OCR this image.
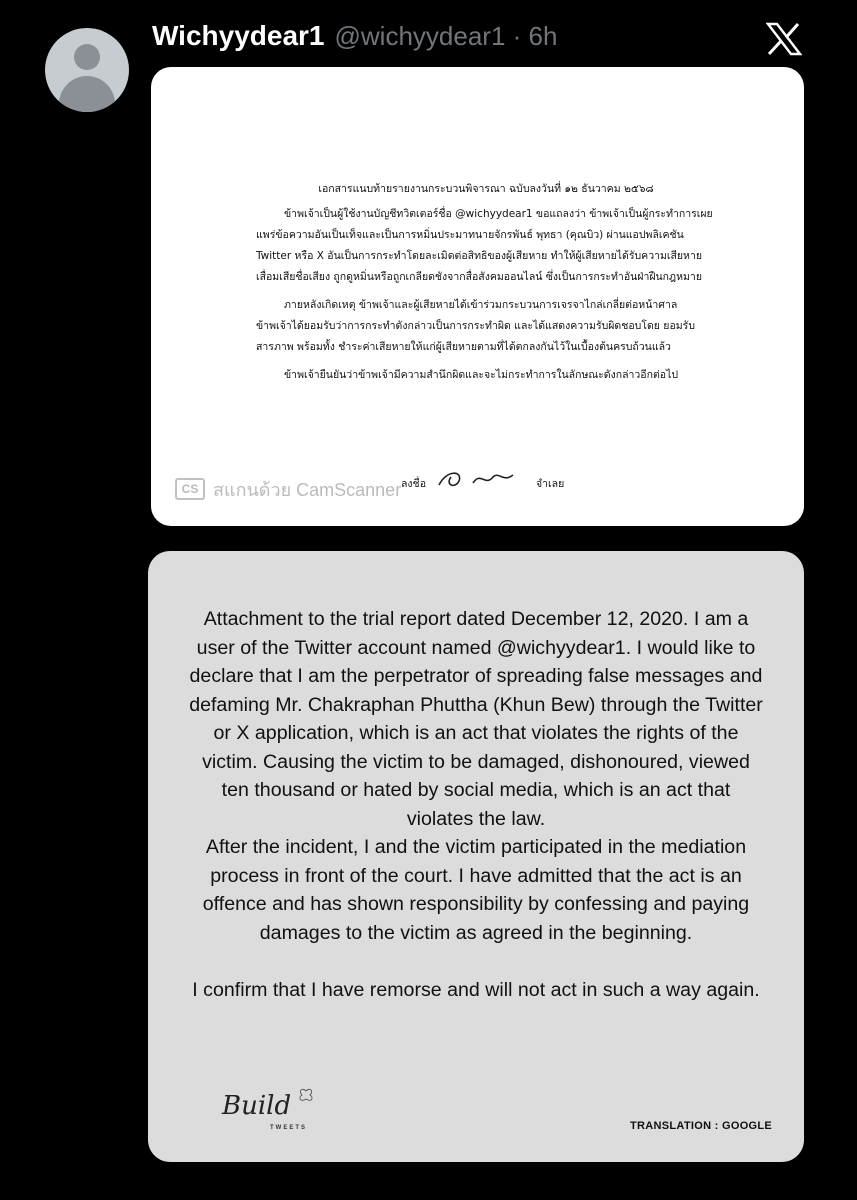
Wichyydear1 @wichyydear1 · 6h

เอกสารแนบท้ายรายงานกระบวนพิจารณา ฉบับลงวันที่ ๑๒ ธันวาคม ๒๕๖๘

ข้าพเจ้าเป็นผู้ใช้งานบัญชีทวิตเตอร์ชื่อ @wichyydear1 ขอแถลงว่า ข้าพเจ้าเป็นผู้กระทำการเผยแพร่ข้อความอันเป็นเท็จและเป็นการหมิ่นประมาทนายจักรพันธ์ พุทธา (คุณบิว) ผ่านแอปพลิเคชัน Twitter หรือ X อันเป็นการกระทำโดยละเมิดต่อสิทธิของผู้เสียหาย ทำให้ผู้เสียหายได้รับความเสียหาย เสื่อมเสียชื่อเสียง ถูกดูหมิ่นหรือถูกเกลียดชังจากสื่อสังคมออนไลน์ ซึ่งเป็นการกระทำอันฝ่าฝืนกฎหมาย

ภายหลังเกิดเหตุ ข้าพเจ้าและผู้เสียหายได้เข้าร่วมกระบวนการเจรจาไกล่เกลี่ยต่อหน้าศาล ข้าพเจ้าได้ยอมรับว่าการกระทำดังกล่าวเป็นการกระทำผิด และได้แสดงความรับผิดชอบโดย ยอมรับสารภาพ พร้อมทั้ง ชำระค่าเสียหายให้แก่ผู้เสียหายตามที่ได้ตกลงกันไว้ในเบื้องต้นครบถ้วนแล้ว

ข้าพเจ้ายืนยันว่าข้าพเจ้ามีความสำนึกผิดและจะไม่กระทำการในลักษณะดังกล่าวอีกต่อไป

ลงชื่อ	จำเลย
CS สแกนด้วย CamScanner

Attachment to the trial report dated December 12, 2020. I am a user of the Twitter account named @wichyydear1. I would like to declare that I am the perpetrator of spreading false messages and defaming Mr. Chakraphan Phuttha (Khun Bew) through the Twitter or X application, which is an act that violates the rights of the victim. Causing the victim to be damaged, dishonoured, viewed ten thousand or hated by social media, which is an act that violates the law.

After the incident, I and the victim participated in the mediation process in front of the court. I have admitted that the act is an offence and has shown responsibility by confessing and paying damages to the victim as agreed in the beginning.

I confirm that I have remorse and will not act in such a way again.

Build
TWEETS	TRANSLATION : GOOGLE
